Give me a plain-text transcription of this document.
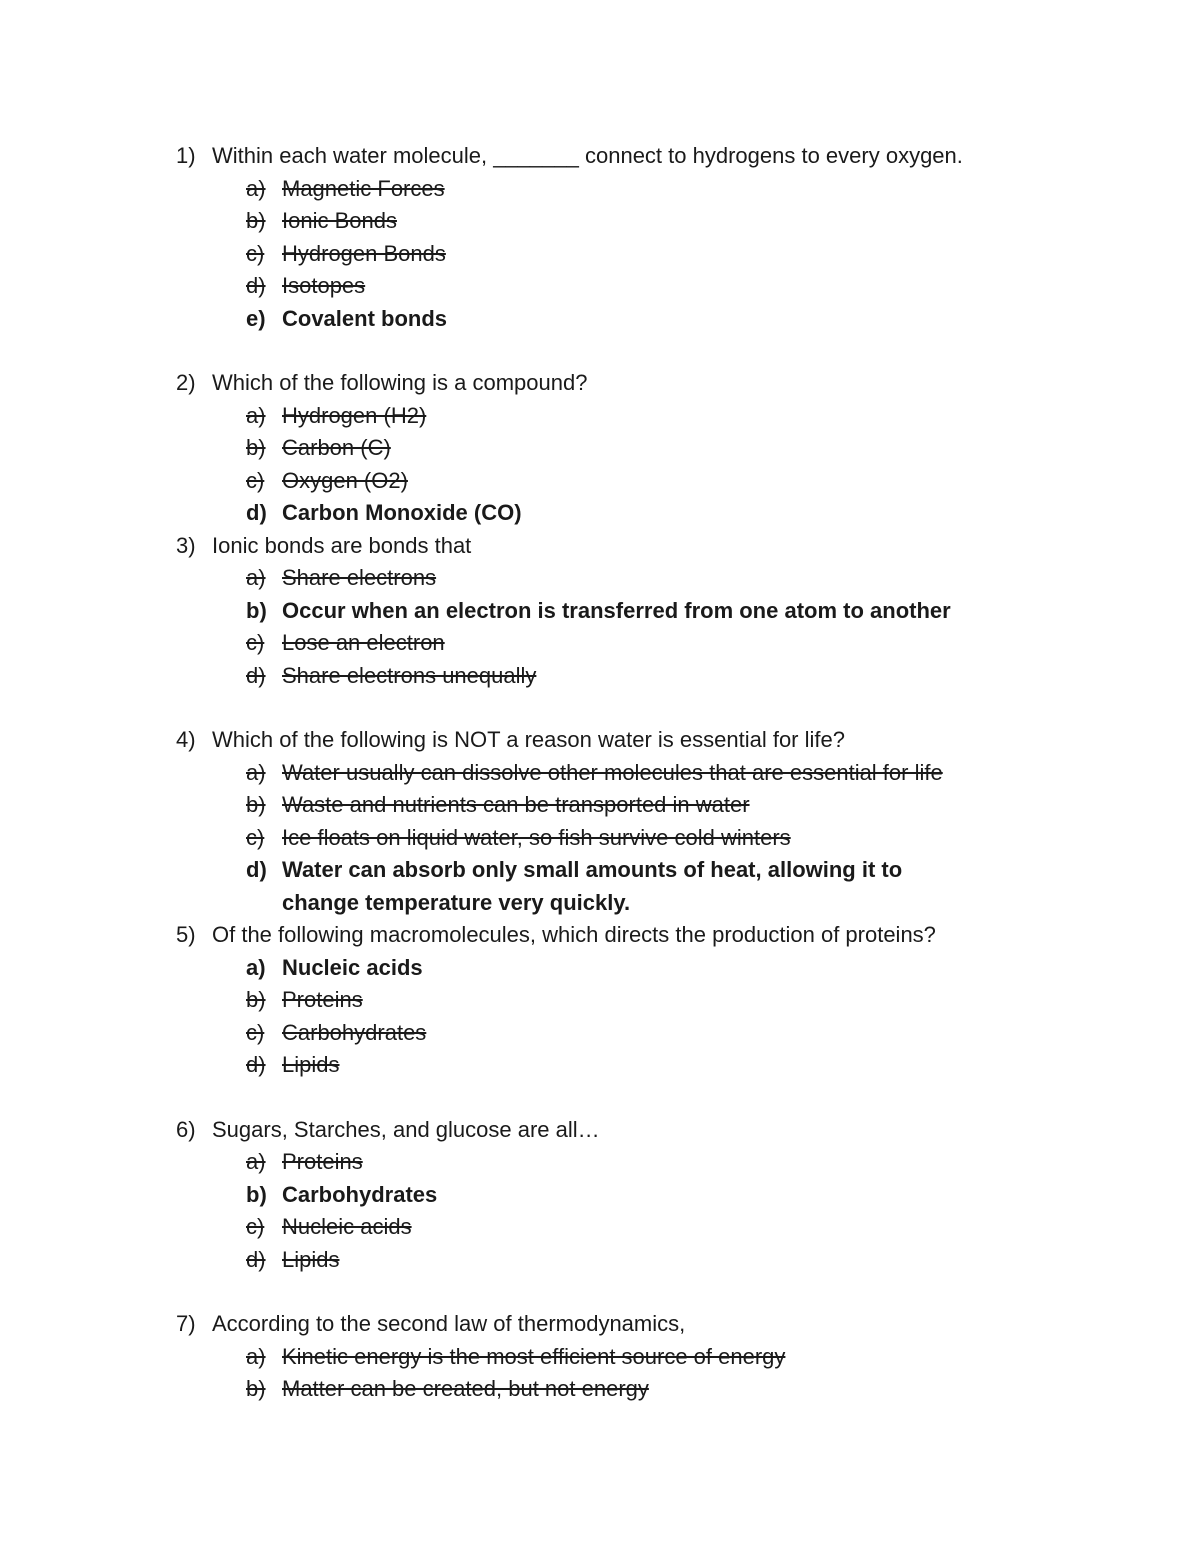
1) Within each water molecule, _______ connect to hydrogens to every oxygen.
a) Magnetic Forces
b) Ionic Bonds
c) Hydrogen Bonds
d) Isotopes
e) Covalent bonds
2) Which of the following is a compound?
a) Hydrogen (H2)
b) Carbon (C)
c) Oxygen (O2)
d) Carbon Monoxide (CO)
3) Ionic bonds are bonds that
a) Share electrons
b) Occur when an electron is transferred from one atom to another
c) Lose an electron
d) Share electrons unequally
4) Which of the following is NOT a reason water is essential for life?
a) Water usually can dissolve other molecules that are essential for life
b) Waste and nutrients can be transported in water
c) Ice floats on liquid water, so fish survive cold winters
d) Water can absorb only small amounts of heat, allowing it to change temperature very quickly.
5) Of the following macromolecules, which directs the production of proteins?
a) Nucleic acids
b) Proteins
c) Carbohydrates
d) Lipids
6) Sugars, Starches, and glucose are all…
a) Proteins
b) Carbohydrates
c) Nucleic acids
d) Lipids
7) According to the second law of thermodynamics,
a) Kinetic energy is the most efficient source of energy
b) Matter can be created, but not energy
